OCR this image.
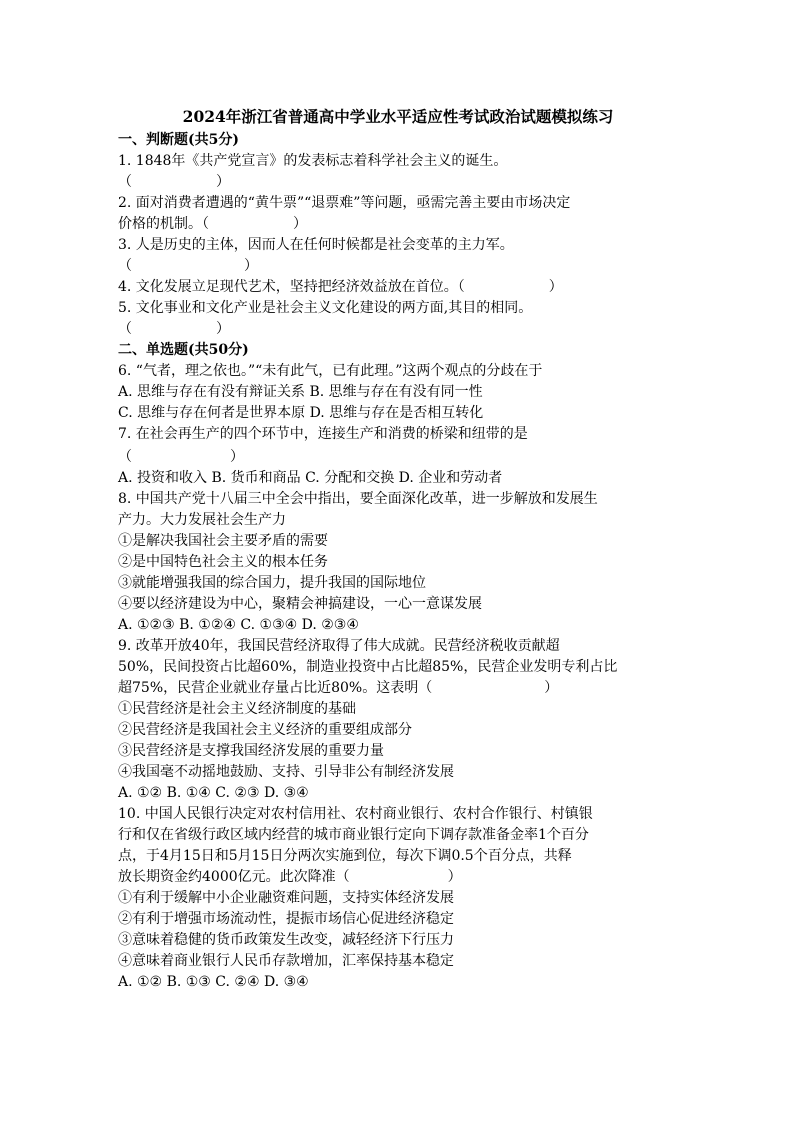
2024年浙江省普通高中学业水平适应性考试政治试题模拟练习
一、判断题(共5分)
1. 1848年《共产党宣言》的发表标志着科学社会主义的诞生。
（　　　　　　）
2. 面对消费者遭遇的“黄牛票”“退票难”等问题，亟需完善主要由市场决定
价格的机制。（　　　　　　）
3. 人是历史的主体，因而人在任何时候都是社会变革的主力军。
（　　　　　　　　）
4. 文化发展立足现代艺术，坚持把经济效益放在首位。（　　　　　　）
5. 文化事业和文化产业是社会主义文化建设的两方面,其目的相同。
（　　　　　　）
二、单选题(共50分)
6. “气者，理之依也。”“未有此气，已有此理。”这两个观点的分歧在于
A. 思维与存在有没有辩证关系 B. 思维与存在有没有同一性
C. 思维与存在何者是世界本原 D. 思维与存在是否相互转化
7. 在社会再生产的四个环节中，连接生产和消费的桥梁和纽带的是
（　　　　　　　）
A. 投资和收入 B. 货币和商品 C. 分配和交换 D. 企业和劳动者
8. 中国共产党十八届三中全会中指出，要全面深化改革，进一步解放和发展生
产力。大力发展社会生产力
①是解决我国社会主要矛盾的需要
②是中国特色社会主义的根本任务
③就能增强我国的综合国力，提升我国的国际地位
④要以经济建设为中心，聚精会神搞建设，一心一意谋发展
A. ①②③ B. ①②④ C. ①③④ D. ②③④
9. 改革开放40年，我国民营经济取得了伟大成就。民营经济税收贡献超
50%，民间投资占比超60%，制造业投资中占比超85%，民营企业发明专利占比
超75%，民营企业就业存量占比近80%。这表明（　　　　　　　　）
①民营经济是社会主义经济制度的基础
②民营经济是我国社会主义经济的重要组成部分
③民营经济是支撑我国经济发展的重要力量
④我国毫不动摇地鼓励、支持、引导非公有制经济发展
A. ①② B. ①④ C. ②③ D. ③④
10. 中国人民银行决定对农村信用社、农村商业银行、农村合作银行、村镇银
行和仅在省级行政区域内经营的城市商业银行定向下调存款准备金率1个百分
点，于4月15日和5月15日分两次实施到位，每次下调0.5个百分点，共释
放长期资金约4000亿元。此次降准（　　　　　　　）
①有利于缓解中小企业融资难问题，支持实体经济发展
②有利于增强市场流动性，提振市场信心促进经济稳定
③意味着稳健的货币政策发生改变，减轻经济下行压力
④意味着商业银行人民币存款增加，汇率保持基本稳定
A. ①② B. ①③ C. ②④ D. ③④
